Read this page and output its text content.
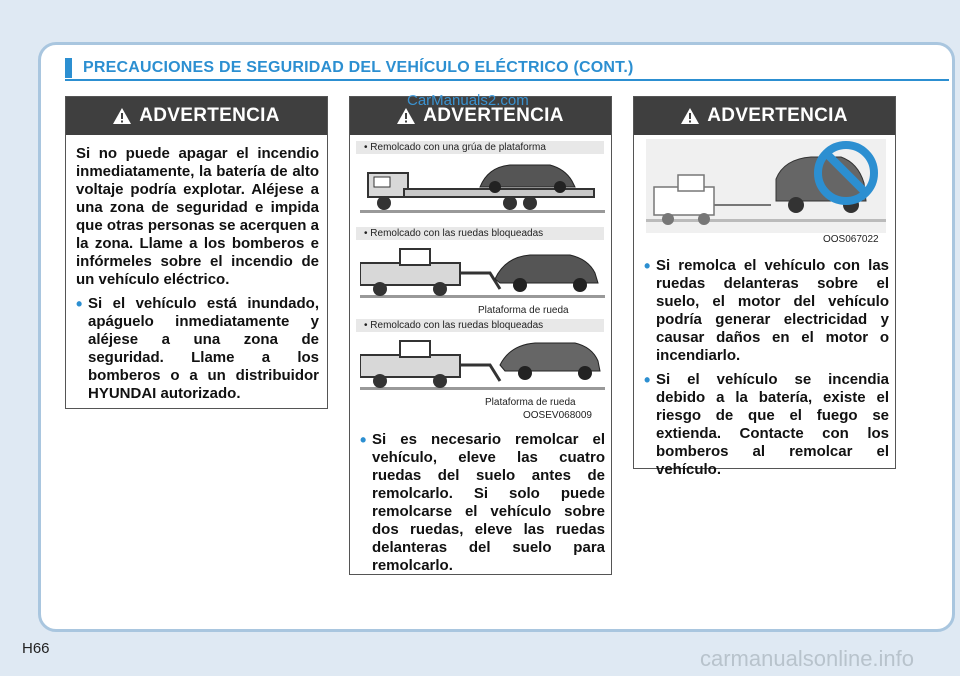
PRECAUCIONES DE SEGURIDAD DEL VEHÍCULO ELÉCTRICO (CONT.)
ADVERTENCIA
Si no puede apagar el incendio inmediatamente, la batería de alto voltaje podría explotar. Aléjese a una zona de seguridad e impida que otras personas se acerquen a la zona. Llame a los bomberos e infórmeles sobre el incendio de un vehículo eléctrico.
• Si el vehículo está inundado, apáguelo inmediatamente y aléjese a una zona de seguridad. Llame a los bomberos o a un distribuidor HYUNDAI autorizado.
ADVERTENCIA
• Remolcado con una grúa de plataforma
• Remolcado con las ruedas bloqueadas
Plataforma de rueda
• Remolcado con las ruedas bloqueadas
Plataforma de rueda
OOSEV068009
• Si es necesario remolcar el vehículo, eleve las cuatro ruedas del suelo antes de remolcarlo. Si solo puede remolcarse el vehículo sobre dos ruedas, eleve las ruedas delanteras del suelo para remolcarlo.
ADVERTENCIA
OOS067022
• Si remolca el vehículo con las ruedas delanteras sobre el suelo, el motor del vehículo podría generar electricidad y causar daños en el motor o incendiarlo.
• Si el vehículo se incendia debido a la batería, existe el riesgo de que el fuego se extienda. Contacte con los bomberos al remolcar el vehículo.
CarManuals2.com
H66	carmanualsonline.info
